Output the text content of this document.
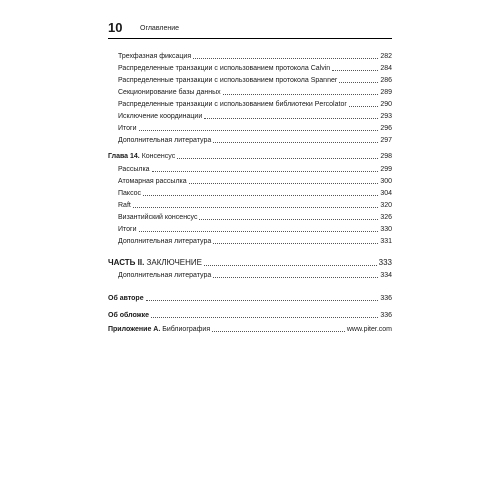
10	Оглавление
Трехфазная фиксация	282
Распределенные транзакции с использованием протокола Calvin	284
Распределенные транзакции с использованием протокола Spanner	286
Секционирование базы данных	289
Распределенные транзакции с использованием библиотеки Percolator	290
Исключение координации	293
Итоги	296
Дополнительная литература	297
Глава 14. Консенсус	298
Рассылка	299
Атомарная рассылка	300
Паксос	304
Raft	320
Византийский консенсус	326
Итоги	330
Дополнительная литература	331
ЧАСТЬ II. ЗАКЛЮЧЕНИЕ	333
Дополнительная литература	334
Об авторе	336
Об обложке	336
Приложение А. Библиография	www.piter.com
